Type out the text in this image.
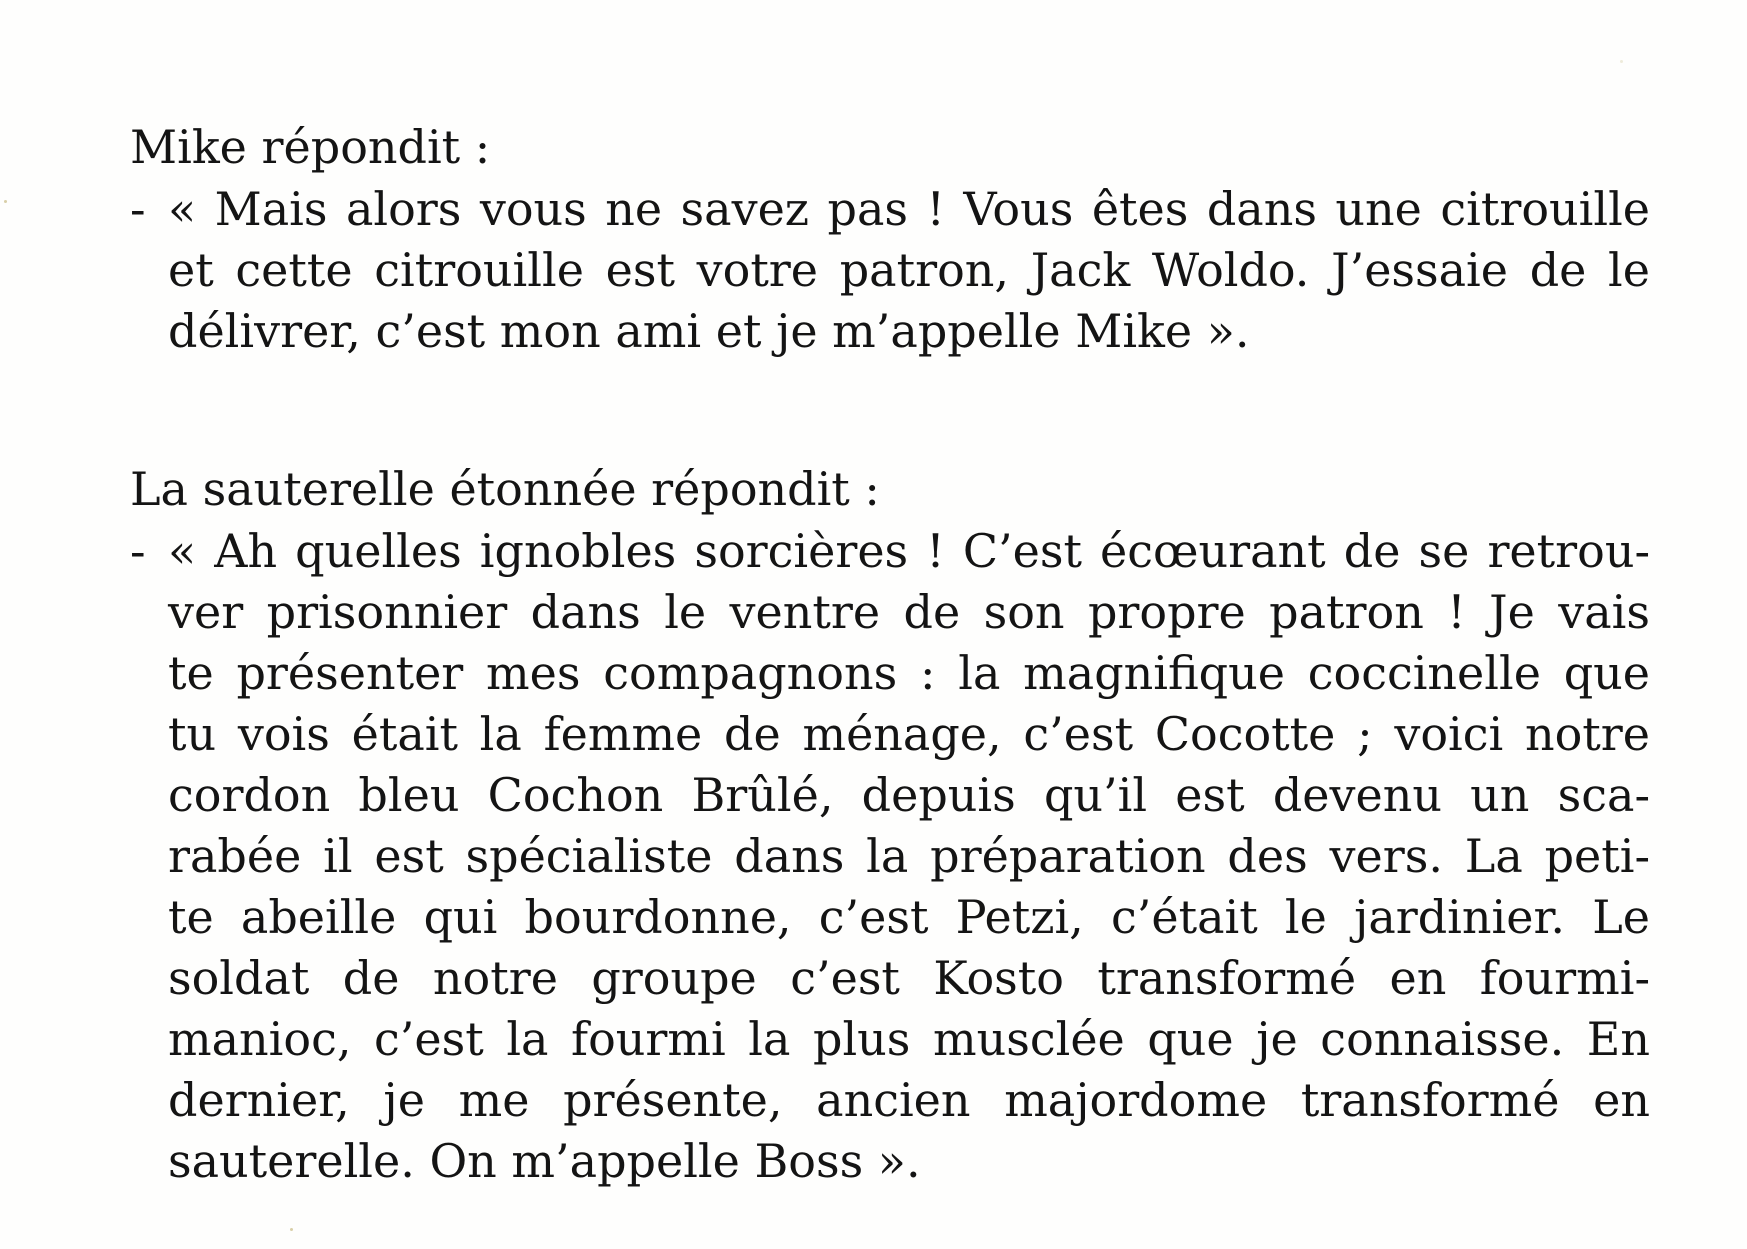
Mike répondit :

- « Mais alors vous ne savez pas ! Vous êtes dans une citrouille
et cette citrouille est votre patron, Jack Woldo. J’essaie de le
délivrer, c’est mon ami et je m’appelle Mike ».

La sauterelle étonnée répondit :

- « Ah quelles ignobles sorcières ! C’est écœurant de se retrou-
ver prisonnier dans le ventre de son propre patron ! Je vais
te présenter mes compagnons : la magnifique coccinelle que
tu vois était la femme de ménage, c’est Cocotte ; voici notre
cordon bleu Cochon Brûlé, depuis qu’il est devenu un sca-
rabée il est spécialiste dans la préparation des vers. La peti-
te abeille qui bourdonne, c’est Petzi, c’était le jardinier. Le
soldat de notre groupe c’est Kosto transformé en fourmi-
manioc, c’est la fourmi la plus musclée que je connaisse. En
dernier, je me présente, ancien majordome transformé en
sauterelle. On m’appelle Boss ».
